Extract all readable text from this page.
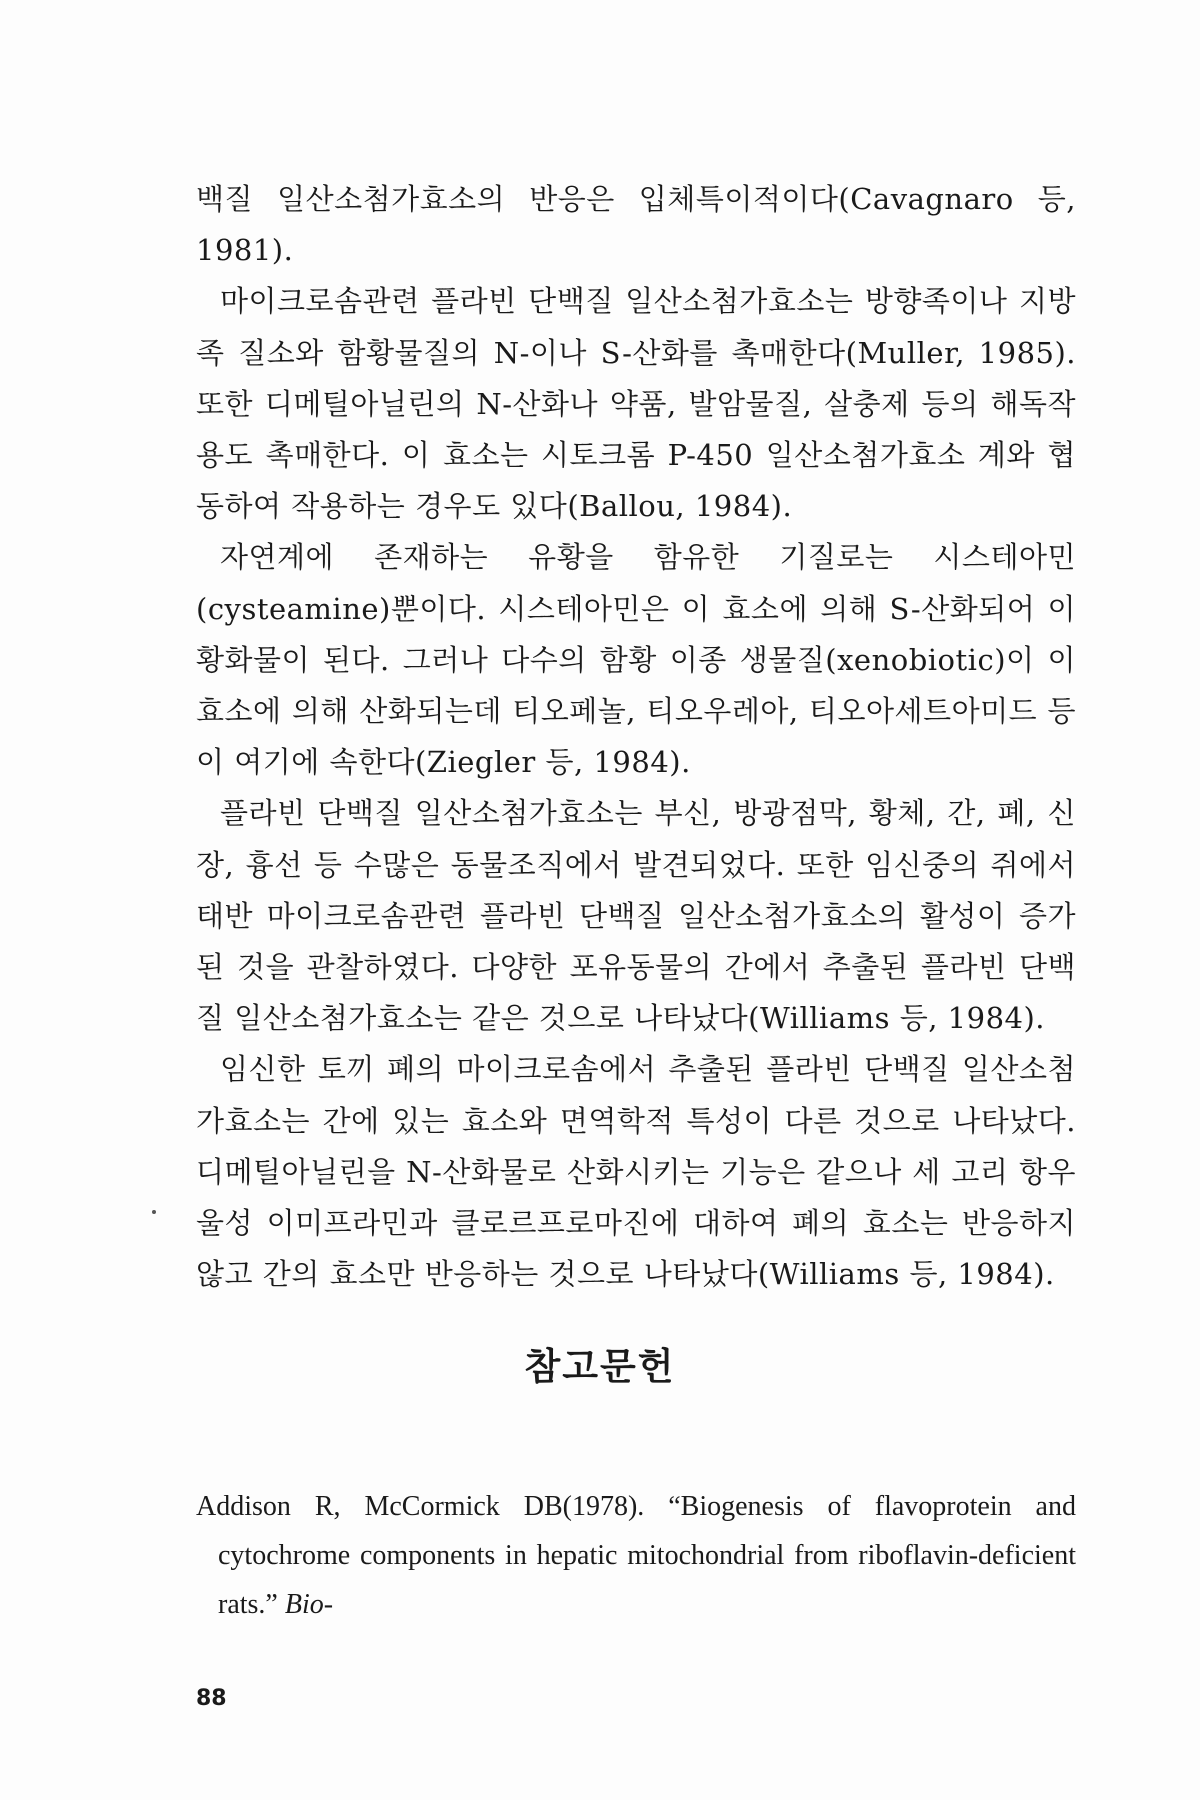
백질 일산소첨가효소의 반응은 입체특이적이다(Cavagnaro 등, 1981).

마이크로솜관련 플라빈 단백질 일산소첨가효소는 방향족이나 지방족 질소와 함황물질의 N-이나 S-산화를 촉매한다(Muller, 1985). 또한 디메틸아닐린의 N-산화나 약품, 발암물질, 살충제 등의 해독작용도 촉매한다. 이 효소는 시토크롬 P-450 일산소첨가효소 계와 협동하여 작용하는 경우도 있다(Ballou, 1984).

자연계에 존재하는 유황을 함유한 기질로는 시스테아민(cysteamine)뿐이다. 시스테아민은 이 효소에 의해 S-산화되어 이황화물이 된다. 그러나 다수의 함황 이종 생물질(xenobiotic)이 이 효소에 의해 산화되는데 티오페놀, 티오우레아, 티오아세트아미드 등이 여기에 속한다(Ziegler 등, 1984).

플라빈 단백질 일산소첨가효소는 부신, 방광점막, 황체, 간, 폐, 신장, 흉선 등 수많은 동물조직에서 발견되었다. 또한 임신중의 쥐에서 태반 마이크로솜관련 플라빈 단백질 일산소첨가효소의 활성이 증가된 것을 관찰하였다. 다양한 포유동물의 간에서 추출된 플라빈 단백질 일산소첨가효소는 같은 것으로 나타났다(Williams 등, 1984).

임신한 토끼 폐의 마이크로솜에서 추출된 플라빈 단백질 일산소첨가효소는 간에 있는 효소와 면역학적 특성이 다른 것으로 나타났다. 디메틸아닐린을 N-산화물로 산화시키는 기능은 같으나 세 고리 항우울성 이미프라민과 클로르프로마진에 대하여 폐의 효소는 반응하지 않고 간의 효소만 반응하는 것으로 나타났다(Williams 등, 1984).

참고문헌

Addison R, McCormick DB(1978). “Biogenesis of flavoprotein and cytochrome components in hepatic mitochondrial from riboflavin-deficient rats.” Bio-

88
